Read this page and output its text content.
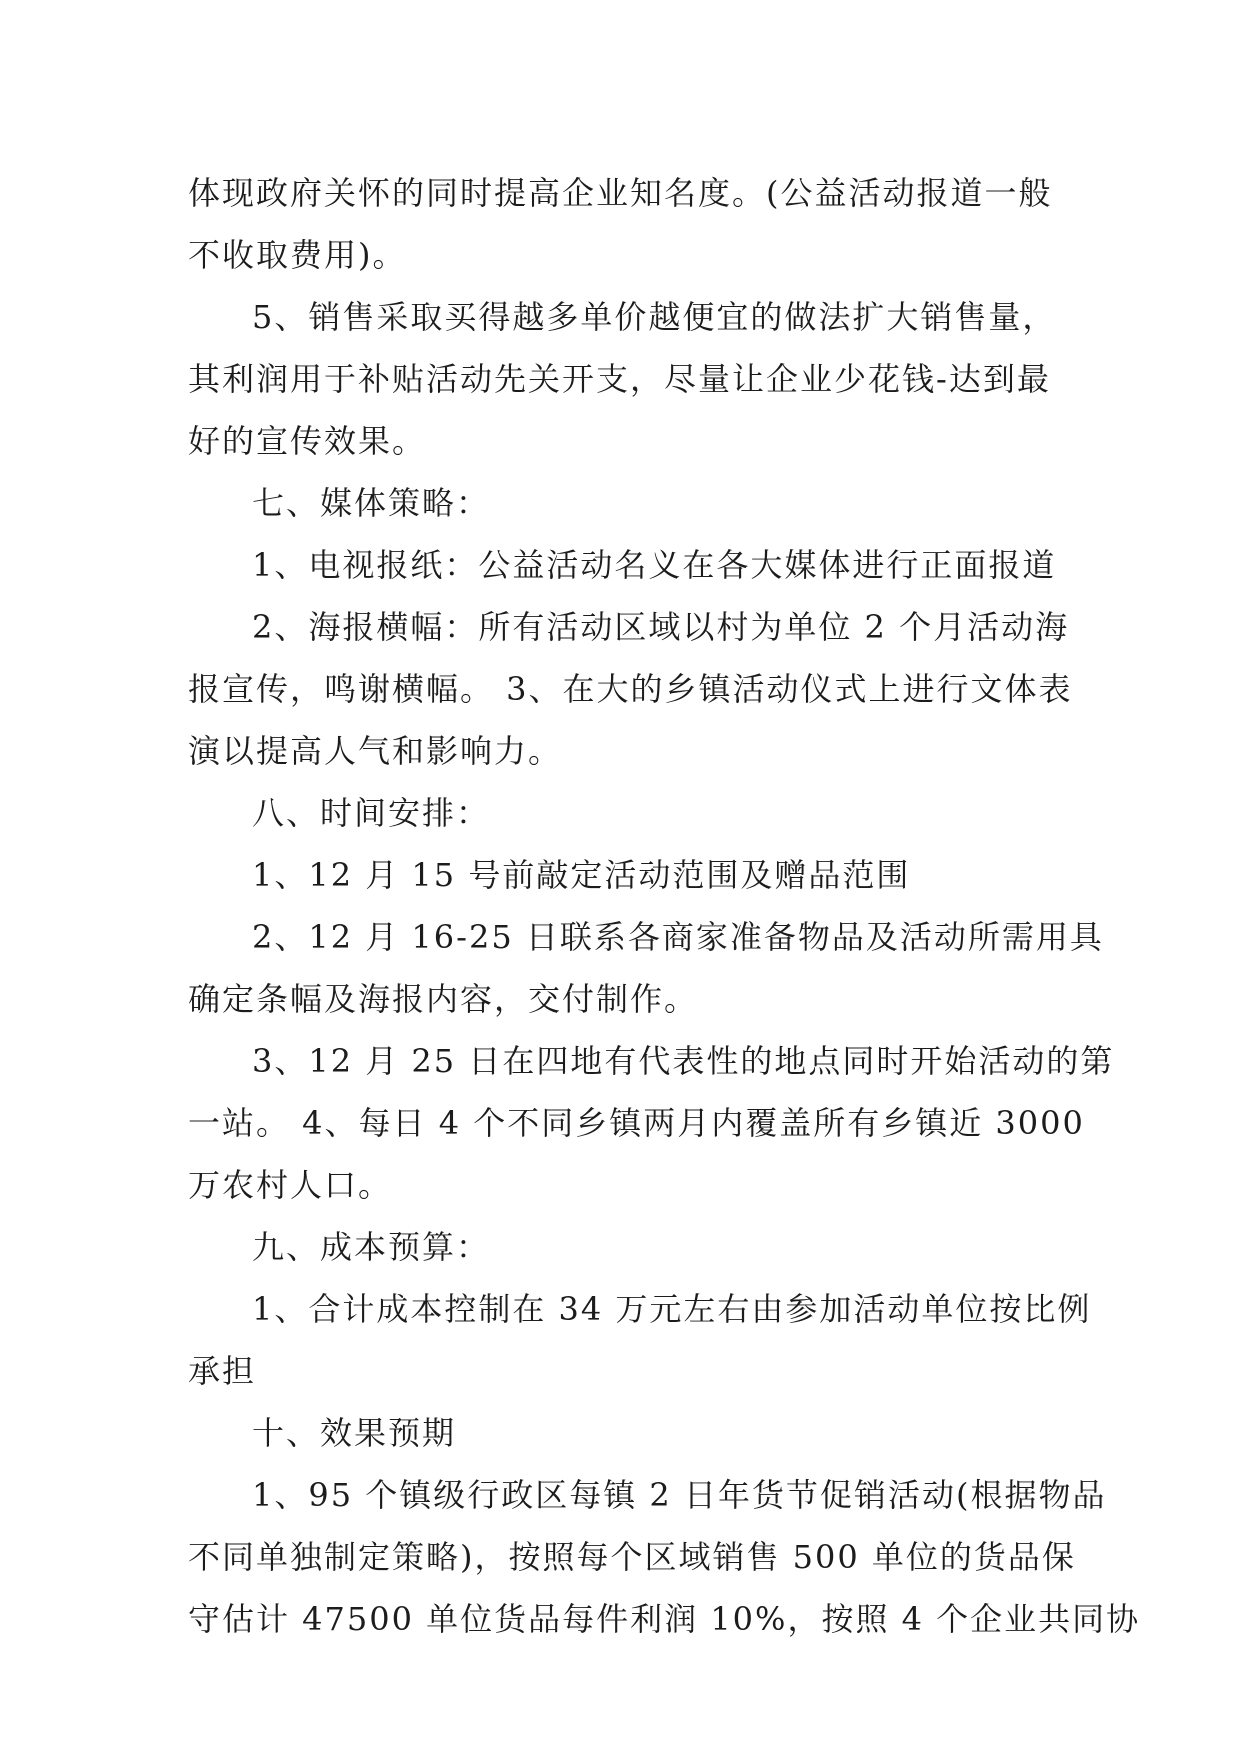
体现政府关怀的同时提高企业知名度。(公益活动报道一般
不收取费用)。
5、销售采取买得越多单价越便宜的做法扩大销售量，
其利润用于补贴活动先关开支，尽量让企业少花钱-达到最
好的宣传效果。
七、媒体策略：
1、电视报纸：公益活动名义在各大媒体进行正面报道
2、海报横幅：所有活动区域以村为单位 2 个月活动海
报宣传，鸣谢横幅。 3、在大的乡镇活动仪式上进行文体表
演以提高人气和影响力。
八、时间安排：
1、12 月 15 号前敲定活动范围及赠品范围
2、12 月 16-25 日联系各商家准备物品及活动所需用具
确定条幅及海报内容，交付制作。
3、12 月 25 日在四地有代表性的地点同时开始活动的第
一站。 4、每日 4 个不同乡镇两月内覆盖所有乡镇近 3000
万农村人口。
九、成本预算：
1、合计成本控制在 34 万元左右由参加活动单位按比例
承担
十、效果预期
1、95 个镇级行政区每镇 2 日年货节促销活动(根据物品
不同单独制定策略)，按照每个区域销售 500 单位的货品保
守估计 47500 单位货品每件利润 10%，按照 4 个企业共同协
